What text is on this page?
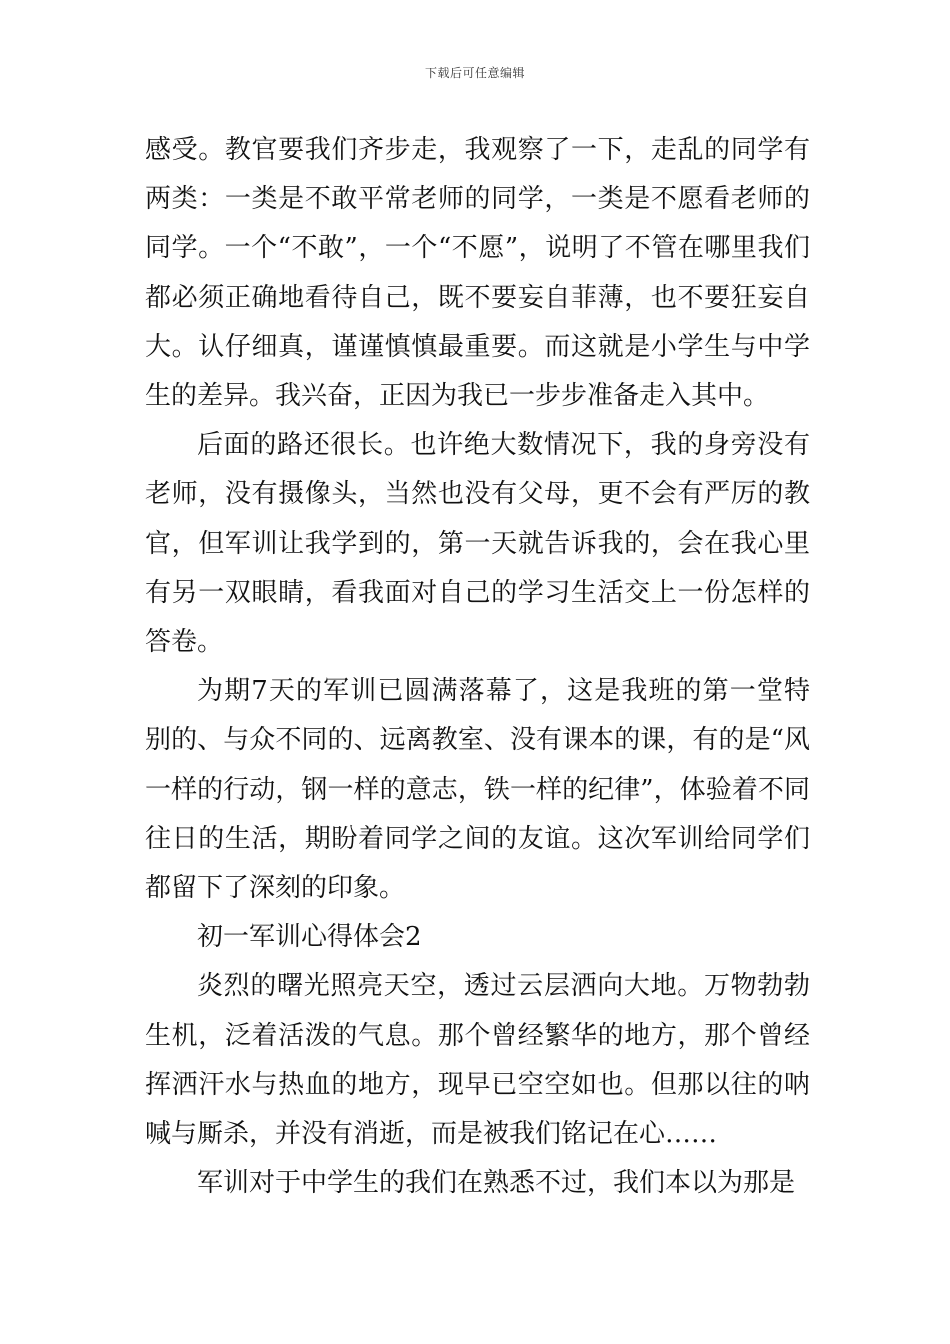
下载后可任意编辑

感受。教官要我们齐步走，我观察了一下，走乱的同学有两类：一类是不敢平常老师的同学，一类是不愿看老师的同学。一个“不敢”，一个“不愿”，说明了不管在哪里我们都必须正确地看待自己，既不要妄自菲薄，也不要狂妄自大。认仔细真，谨谨慎慎最重要。而这就是小学生与中学生的差异。我兴奋，正因为我已一步步准备走入其中。

后面的路还很长。也许绝大数情况下，我的身旁没有老师，没有摄像头，当然也没有父母，更不会有严厉的教官，但军训让我学到的，第一天就告诉我的，会在我心里有另一双眼睛，看我面对自己的学习生活交上一份怎样的答卷。

为期7天的军训已圆满落幕了，这是我班的第一堂特别的、与众不同的、远离教室、没有课本的课，有的是“风一样的行动，钢一样的意志，铁一样的纪律”，体验着不同往日的生活，期盼着同学之间的友谊。这次军训给同学们都留下了深刻的印象。

初一军训心得体会2

炎烈的曙光照亮天空，透过云层洒向大地。万物勃勃生机，泛着活泼的气息。那个曾经繁华的地方，那个曾经挥洒汗水与热血的地方，现早已空空如也。但那以往的呐喊与厮杀，并没有消逝，而是被我们铭记在心……

军训对于中学生的我们在熟悉不过，我们本以为那是
